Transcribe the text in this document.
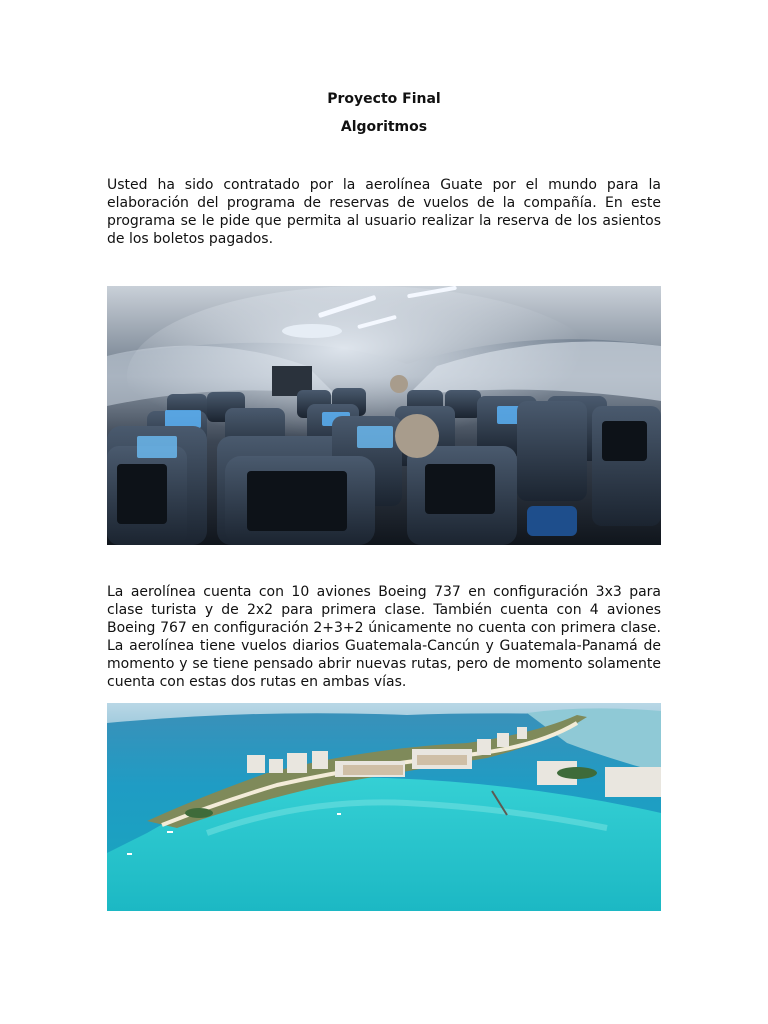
Proyecto Final
Algoritmos

Usted ha sido contratado por la aerolínea Guate por el mundo para la elaboración del programa de reservas de vuelos de la compañía. En este programa se le pide que permita al usuario realizar la reserva de los asientos de los boletos pagados.

La aerolínea cuenta con 10 aviones Boeing 737 en configuración 3x3 para clase turista y de 2x2 para primera clase. También cuenta con 4 aviones Boeing 767 en configuración 2+3+2 únicamente no cuenta con primera clase. La aerolínea tiene vuelos diarios Guatemala-Cancún y Guatemala-Panamá de momento y se tiene pensado abrir nuevas rutas, pero de momento solamente cuenta con estas dos rutas en ambas vías.
